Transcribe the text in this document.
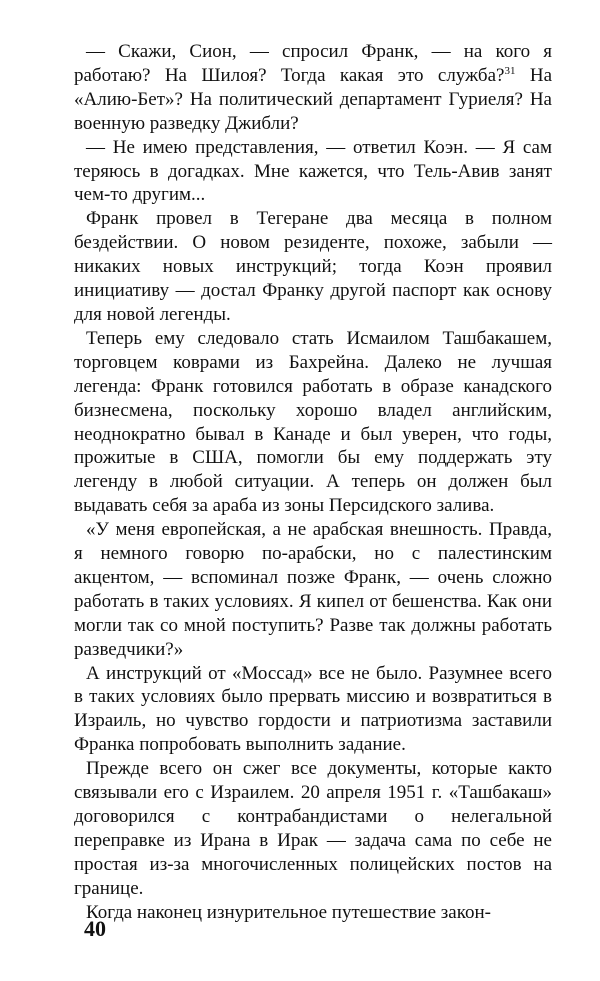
— Скажи, Сион, — спросил Франк, — на кого я работаю? На Шилоя? Тогда какая это служба?$^{31}$ На «Алию-Бет»? На политический департамент Гуриеля? На военную разведку Джибли?

— Не имею представления, — ответил Коэн. — Я сам теряюсь в догадках. Мне кажется, что Тель-Авив занят чем-то другим...

Франк провел в Тегеране два месяца в полном бездействии. О новом резиденте, похоже, забыли — никаких новых инструкций; тогда Коэн проявил инициативу — достал Франку другой паспорт как основу для новой легенды.

Теперь ему следовало стать Исмаилом Ташбакашем, торговцем коврами из Бахрейна. Далеко не лучшая легенда: Франк готовился работать в образе канадского бизнесмена, поскольку хорошо владел английским, неоднократно бывал в Канаде и был уверен, что годы, прожитые в США, помогли бы ему поддержать эту легенду в любой ситуации. А теперь он должен был выдавать себя за араба из зоны Персидского залива.

«У меня европейская, а не арабская внешность. Правда, я немного говорю по-арабски, но с палестинским акцентом, — вспоминал позже Франк, — очень сложно работать в таких условиях. Я кипел от бешенства. Как они могли так со мной поступить? Разве так должны работать разведчики?»

А инструкций от «Моссад» все не было. Разумнее всего в таких условиях было прервать миссию и возвратиться в Израиль, но чувство гордости и патриотизма заставили Франка попробовать выполнить задание.

Прежде всего он сжег все документы, которые както связывали его с Израилем. 20 апреля 1951 г. «Ташбакаш» договорился с контрабандистами о нелегальной переправке из Ирана в Ирак — задача сама по себе не простая из-за многочисленных полицейских постов на границе.

Когда наконец изнурительное путешествие закон-

40
